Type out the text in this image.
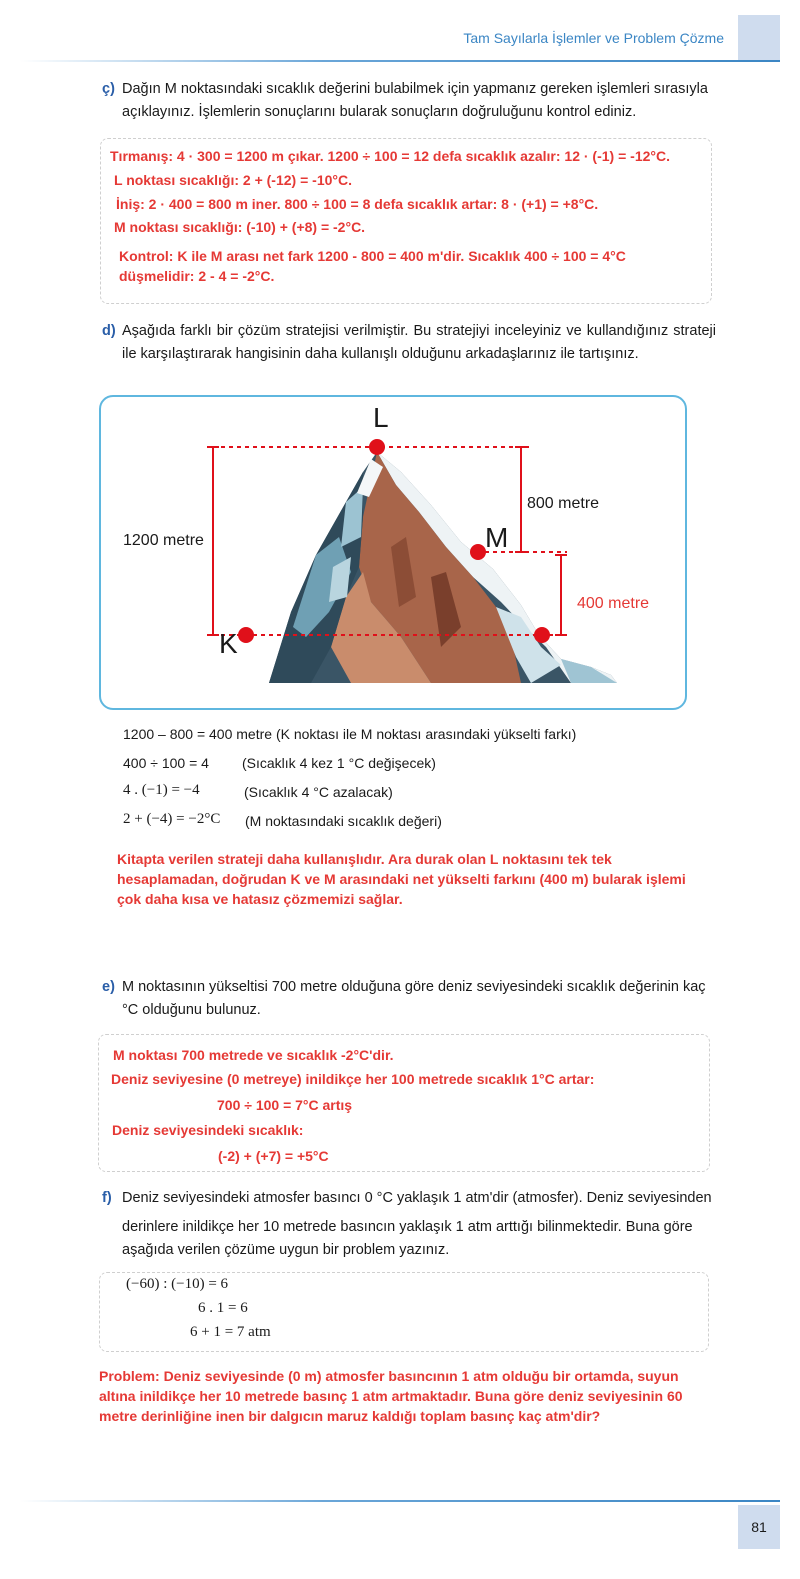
Tam Sayılarla İşlemler ve Problem Çözme
ç) Dağın M noktasındaki sıcaklık değerini bulabilmek için yapmanız gereken işlemleri sırasıyla açıklayınız. İşlemlerin sonuçlarını bularak sonuçların doğruluğunu kontrol ediniz.
Tırmanış: 4 · 300 = 1200 m çıkar. 1200 ÷ 100 = 12 defa sıcaklık azalır: 12 · (-1) = -12°C.
L noktası sıcaklığı: 2 + (-12) = -10°C.
İniş: 2 · 400 = 800 m iner. 800 ÷ 100 = 8 defa sıcaklık artar: 8 · (+1) = +8°C.
M noktası sıcaklığı: (-10) + (+8) = -2°C.
Kontrol: K ile M arası net fark 1200 - 800 = 400 m'dir. Sıcaklık 400 ÷ 100 = 4°C
düşmelidir: 2 - 4 = -2°C.
d) Aşağıda farklı bir çözüm stratejisi verilmiştir. Bu stratejiyi inceleyiniz ve kullandığınız strateji ile karşılaştırarak hangisinin daha kullanışlı olduğunu arkadaşlarınız ile tartışınız.
L
M
K
1200 metre
800 metre
400 metre
1200 – 800 = 400 metre (K noktası ile M noktası arasındaki yükselti farkı)
400 ÷ 100 = 4 (Sıcaklık 4 kez 1 °C değişecek)
4 . (−1) = −4	(Sıcaklık 4 °C azalacak)
2 + (−4) = −2°C (M noktasındaki sıcaklık değeri)
Kitapta verilen strateji daha kullanışlıdır. Ara durak olan L noktasını tek tek
hesaplamadan, doğrudan K ve M arasındaki net yükselti farkını (400 m) bularak işlemi
çok daha kısa ve hatasız çözmemizi sağlar.
e) M noktasının yükseltisi 700 metre olduğuna göre deniz seviyesindeki sıcaklık değerinin kaç °C olduğunu bulunuz.
M noktası 700 metrede ve sıcaklık -2°C'dir.
Deniz seviyesine (0 metreye) inildikçe her 100 metrede sıcaklık 1°C artar:
700 ÷ 100 = 7°C artış
Deniz seviyesindeki sıcaklık:
(-2) + (+7) = +5°C
f) Deniz seviyesindeki atmosfer basıncı 0 °C yaklaşık 1 atm'dir (atmosfer). Deniz seviyesinden
derinlere inildikçe her 10 metrede basıncın yaklaşık 1 atm arttığı bilinmektedir. Buna göre
aşağıda verilen çözüme uygun bir problem yazınız.
(−60) : (−10) = 6
6 . 1 = 6
6 + 1 = 7 atm
Problem: Deniz seviyesinde (0 m) atmosfer basıncının 1 atm olduğu bir ortamda, suyun
altına inildikçe her 10 metrede basınç 1 atm artmaktadır. Buna göre deniz seviyesinin 60
metre derinliğine inen bir dalgıcın maruz kaldığı toplam basınç kaç atm'dir?
81
